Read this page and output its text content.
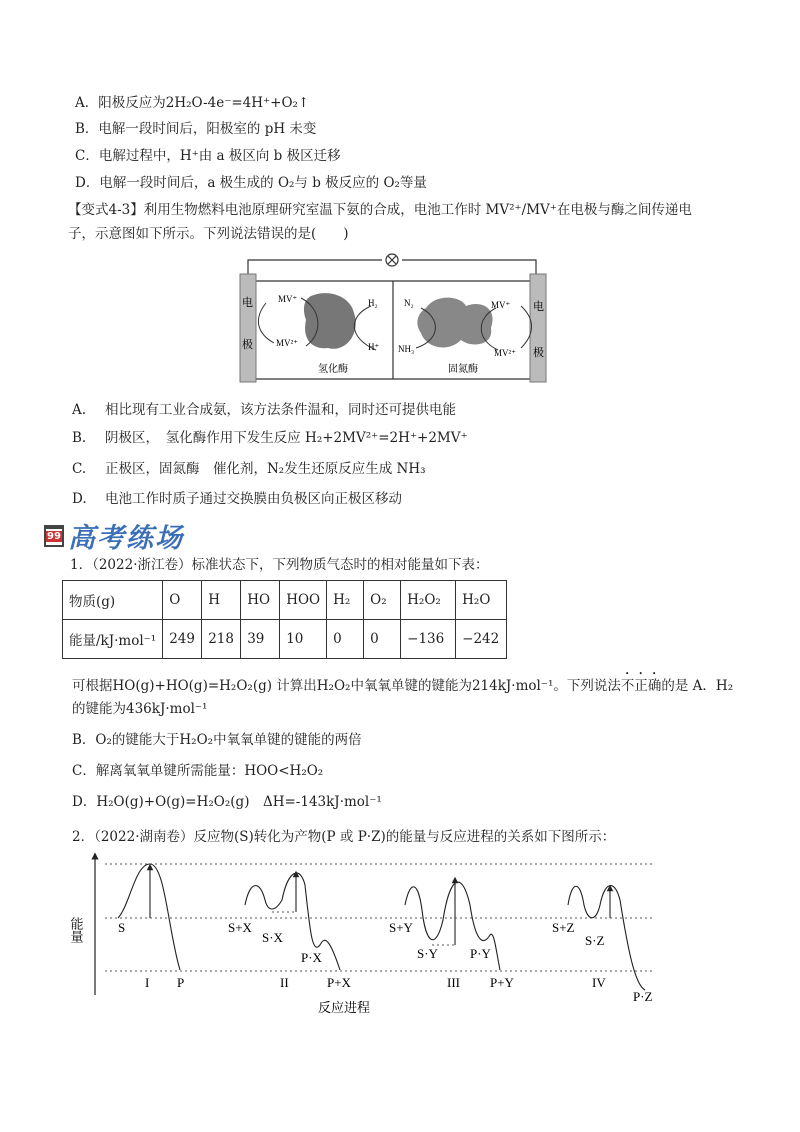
A．阳极反应为2H₂O-4e⁻=4H⁺+O₂↑
B．电解一段时间后，阳极室的 pH 未变
C．电解过程中，H⁺由 a 极区向 b 极区迁移
D．电解一段时间后，a 极生成的 O₂与 b 极反应的 O₂等量
【变式4-3】利用生物燃料电池原理研究室温下氨的合成，电池工作时 MV²⁺/MV⁺在电极与酶之间传递电
子，示意图如下所示。下列说法错误的是(　　)
电
极
电
极
MV⁺
MV²⁺
H₂
H⁺
氢化酶
N₂
NH₃
MV⁺
MV²⁺
固氮酶
A. 相比现有工业合成氨，该方法条件温和，同时还可提供电能
B. 阴极区，　氢化酶作用下发生反应 H₂+2MV²⁺=2H⁺+2MV⁺
C. 正极区，固氮酶　催化剂，N₂发生还原反应生成 NH₃
D. 电池工作时质子通过交换膜由负极区向正极区移动
99 高考练场
1．（2022·浙江卷）标准状态下，下列物质气态时的相对能量如下表：
物质(g)	O	H	HO	HOO	H₂	O₂	H₂O₂	H₂O
能量/kJ·mol⁻¹	249	218	39	10	0	0	−136	−242
可根据HO(g)+HO(g)=H₂O₂(g) 计算出H₂O₂中氧氧单键的键能为214kJ·mol⁻¹。下列说法不正确的是 A．H₂
的键能为436kJ·mol⁻¹
B．O₂的键能大于H₂O₂中氧氧单键的键能的两倍
C．解离氧氧单键所需能量：HOO<H₂O₂
D．H₂O(g)+O(g)=H₂O₂(g)　ΔH=-143kJ·mol⁻¹
2．（2022·湖南卷）反应物(S)转化为产物(P 或 P·Z)的能量与反应进程的关系如下图所示：
能量
反应进程
S
I P
S+X
S·X
P·X
II	P+X
S+Y
S·Y P·Y
III P+Y
S+Z
S·Z
IV
P·Z
